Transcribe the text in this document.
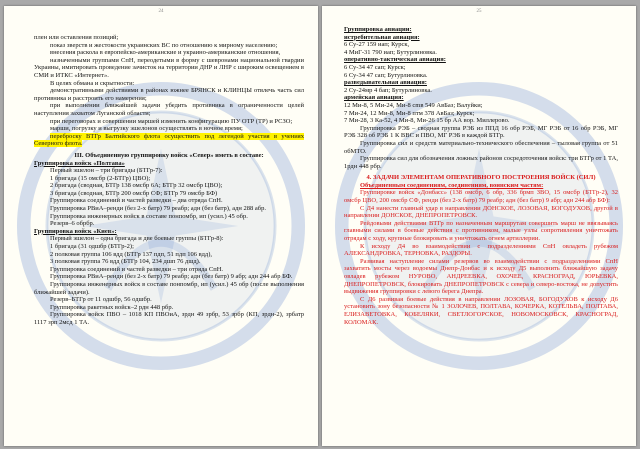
24

плен или оставления позиций;

показ зверств и жестокости украинских ВС по отношению к мирному населению;

внесения раскола в европейско-американские и украино-американские отношения,

назначенными группами СпН, переодетыми в форму с шевронами национальной гвардии Украины, имитировать проведение зачисток на территории ДНР и ЛНР с широким освещением в СМИ и ИТКС «Интернет».

В целях обмана и скрытности:

демонстративными действиями в районах южнее БРЯНСК и КЛИНЦЫ отвлечь часть сил противника и расстроить его намерения;

при выполнении ближайшей задачи убедить противника в ограниченности целей наступления захватом Луганской области;

при переговорах и совершении маршей изменить конфигурацию ПУ ОТР (ТР) и РСЗО;

марши, погрузку и выгрузку эшелонов осуществлять в ночное время;

переброску ВТГр Балтийского флота осуществить под легендой участия в учениях Северного флота.

III. Объединенную группировку войск «Север» иметь в составе:

Группировка войск «Полтава»

Первый эшелон – три бригады (БТГр-7):

1 бригада (15 омсбр (2-БТГр) ЦВО);

2 бригада (сводная, БТГр 138 омсбр 6А; БТГр 32 омсбр ЦВО);

3 бригада (сводная, БТГр 200 омсбр СФ; БТГр 79 омсбр БФ)

Группировка соединений и частей разведки – два отряда СпН.

Группировка РВиА–ренди (без 2-х батр) 79 реабр; адн (без батр), адн 288 абр.

Группировка инженерных войск в составе понпомбр, ип (усил.) 45 обр.

Резерв–6 обрбр.

Группировка войск «Киев»:

Первый эшелон – одна бригада и две боевые группы (БТГр-8):

1 бригада (31 одшбр (БТГр-2);

2 полковая группа 106 вдд (БТГр 137 пдп, 51 пдп 106 вдд),

3 полковая группа 76 вдд (БТГр 104, 234 дшп 76 дшд).

Группировка соединений и частей разведки – три отряда СпН.

Группировка РВиА–ренди (без 2-х батр) 79 реабр; адн (без батр) 9 абр; адн 244 абр БФ.

Группировка инженерных войск в составе понпомбр, ип (усил.) 45 обр (после выполнения ближайшей задачи).

Резерв–БТГр от 11 одшбр, 56 одшбр.

Группировка ракетных войск–2 рдн 448 рбр.

Группировка войск ПВО – 1018 КП ПВОиА, зрдн 49 зрбр, 53 зрбр (КП, зрдн-2), зрбатр 1117 зрп 2мсд 1 ТА.

25

Группировка авиации:

истребительная авиация:

6 Су-27 159 иап; Курск,

4 МиГ-31 790 иап; Бутурлиновка.

оперативно-тактическая авиация:

6 Су-34 47 сап; Курск;

6 Су-34 47 сап; Бутурлиновка.

разведывательная авиация:

2 Су-24мр 4 бап; Бутурлиновка.

армейская авиация:

12 Ми-8, 5 Ми-24, Ми-8 сmв 549 АвБаз; Валуйки;

7 Ми-24, 12 Ми-8, Ми-8 птм 378 АвБаз; Курск;

7 Ми-28, 3 Ка-52, 4 Ми-8, Ми-26 15 бр АА вор. Миллерово.

Группировка РЭБ – сводная группа РЭБ из ППД 16 обр РЭБ, МГ РЭБ от 16 обр РЭБ, МГ РЭБ 328 об РЭБ 1 К ВВС и ПВО, МГ РЭБ в каждой БТГр.

Группировка сил и средств материально-технического обеспечения – тыловая группа от 51 обМТО.

Группировка сил для обозначения ложных районов сосредоточения войск: три БТГр от 1 ТА, 1рдн 448 рбр.

4. ЗАДАЧИ ЭЛЕМЕНТАМ ОПЕРАТИВНОГО ПОСТРОЕНИЯ ВОЙСК (СИЛ)

Объединенным соединениям, соединениям, воинским частям:

Группировке войск «Донбасс» (138 омсбр, 6 обр, 336 брмп ЗВО, 15 омсбр (БТГр-2), 32 омсбр ЦВО, 200 омсбр СФ, ренди (без 2-х батр) 79 реабр; адн (без батр) 9 абр; адн 244 абр БФ):

С Д4 нанести главный удар в направлении ДОНСКОЕ, ЛОЗОВАЯ, БОГОДУХОВ, другой в направлении ДОНСКОЕ, ДНЕПРОПЕТРОВСК.

Рейдовыми действиями ВТГр по назначенным маршрутам совершить марш не ввязываясь главными силами в боевые действия с противником, малые узлы сопротивления уничтожать отрядам с ходу, крупные блокировать и уничтожать огнем артиллерии.

К исходу Д4 во взаимодействии с подразделениями СпН овладеть рубежом АЛЕКСАНДРОВКА, ТЕРНОВКА, РАЗДОРЫ.

Развивая наступление силами резервов во взаимодействии с подразделениями СпН захватить мосты через водоемы Днепр-Донбас и к исходу Д5 выполнить ближайшую задачу овладев рубежом НУРОВО, АНДРЕЕВКА, ОХОЧЕЕ, КРАСНОГРАД, ЮРЬЕВКА, ДНЕПРОПЕТРОВСК, блокировать ДНЕПРОПЕТРОВСК с севера и северо-востока, не допустить выдвижения группировки с левого берега Днепра.

С Д6 развивая боевые действия в направлении ЛОЗОВАЯ, БОГОДУХОВ к исходу Д6 установить зону безопасности № 1 ЗОЛОЧЕВ, ПОЛТАВА, КОЧЕРКА, КОТЕЛЬВА, ПОЛТАВА, ЕЛИЗАВЕТОВКА, КОБЕЛЯКИ, СВЕТЛОГОРСКОЕ, НОВОМОСКОВСК, КРАСНОГРАД, КОЛОМАК.
